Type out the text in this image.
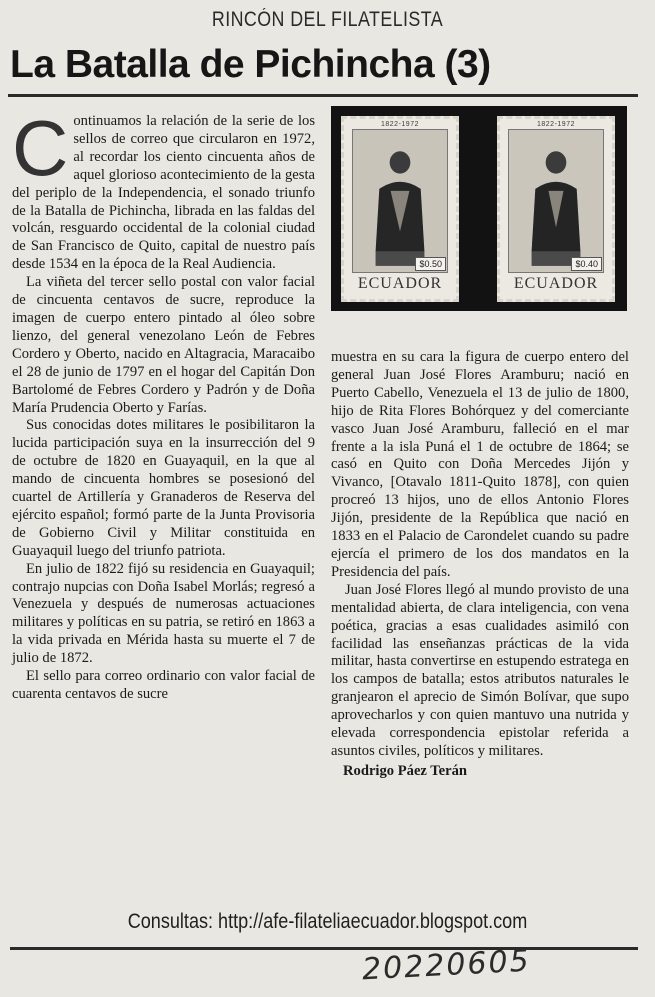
RINCÓN DEL FILATELISTA
La Batalla de Pichincha (3)

Continuamos la relación de la serie de los sellos de correo que circularon en 1972, al recordar los ciento cincuenta años de aquel glorioso acontecimiento de la gesta del periplo de la Independencia, el sonado triunfo de la Batalla de Pichincha, librada en las faldas del volcán, resguardo occidental de la colonial ciudad de San Francisco de Quito, capital de nuestro país desde 1534 en la época de la Real Audiencia.

La viñeta del tercer sello postal con valor facial de cincuenta centavos de sucre, reproduce la imagen de cuerpo entero pintado al óleo sobre lienzo, del general venezolano León de Febres Cordero y Oberto, nacido en Altagracia, Maracaibo el 28 de junio de 1797 en el hogar del Capitán Don Bartolomé de Febres Cordero y Padrón y de Doña María Prudencia Oberto y Farías.

Sus conocidas dotes militares le posibilitaron la lucida participación suya en la insurrección del 9 de octubre de 1820 en Guayaquil, en la que al mando de cincuenta hombres se posesionó del cuartel de Artillería y Granaderos de Reserva del ejército español; formó parte de la Junta Provisoria de Gobierno Civil y Militar constituida en Guayaquil luego del triunfo patriota.

En julio de 1822 fijó su residencia en Guayaquil; contrajo nupcias con Doña Isabel Morlás; regresó a Venezuela y después de numerosas actuaciones militares y políticas en su patria, se retiró en 1863 a la vida privada en Mérida hasta su muerte el 7 de julio de 1872.

El sello para correo ordinario con valor facial de cuarenta centavos de sucre

1822-1972
$0.50
ECUADOR
1822-1972
$0.40
ECUADOR

muestra en su cara la figura de cuerpo entero del general Juan José Flores Aramburu; nació en Puerto Cabello, Venezuela el 13 de julio de 1800, hijo de Rita Flores Bohórquez y del comerciante vasco Juan José Aramburu, falleció en el mar frente a la isla Puná el 1 de octubre de 1864; se casó en Quito con Doña Mercedes Jijón y Vivanco, [Otavalo 1811-Quito 1878], con quien procreó 13 hijos, uno de ellos Antonio Flores Jijón, presidente de la República que nació en 1833 en el Palacio de Carondelet cuando su padre ejercía el primero de los dos mandatos en la Presidencia del país.

Juan José Flores llegó al mundo provisto de una mentalidad abierta, de clara inteligencia, con vena poética, gracias a esas cualidades asimiló con facilidad las enseñanzas prácticas de la vida militar, hasta convertirse en estupendo estratega en los campos de batalla; estos atributos naturales le granjearon el aprecio de Simón Bolívar, que supo aprovecharlos y con quien mantuvo una nutrida y elevada correspondencia epistolar referida a asuntos civiles, políticos y militares.

Rodrigo Páez Terán

Consultas: http://afe-filateliaecuador.blogspot.com
20220605
